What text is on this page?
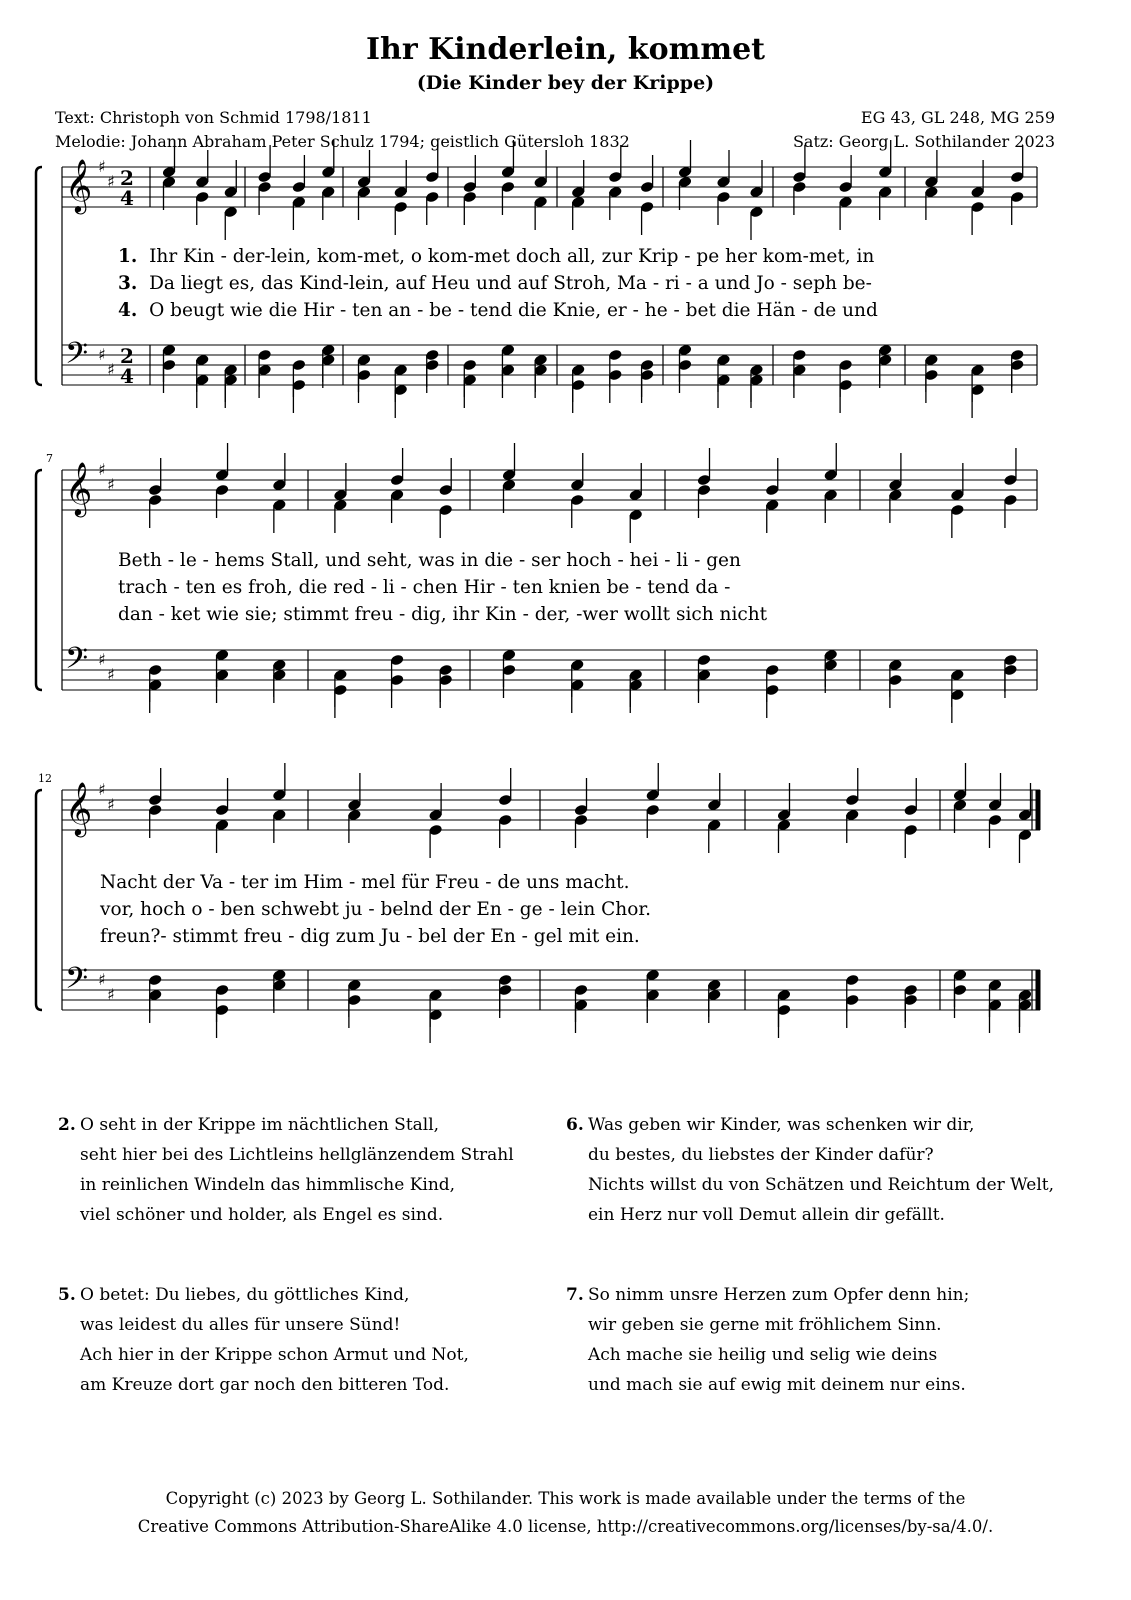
Ihr Kinderlein, kommet
(Die Kinder bey der Krippe)
Text: Christoph von Schmid 1798/1811	EG 43, GL 248, MG 259
Melodie: Johann Abraham Peter Schulz 1794; geistlich Gütersloh 1832	Satz: Georg L. Sothilander 2023
𝄞 ♯
♯ 2
4
𝄢 ♯
♯
2
4
𝄞 ♯
♯
𝄢 ♯
♯
𝄞 ♯
♯
𝄢 ♯
♯
7
12
1. Ihr Kin - der-lein, kom-met, o kom-met doch all, zur Krip - pe her kom-met, in
3. Da liegt es, das Kind-lein, auf Heu und auf Stroh, Ma - ri - a und Jo - seph be-
4. O beugt wie die Hir - ten an - be - tend die Knie, er - he - bet die Hän - de und
Beth - le - hems Stall, und seht, was in die - ser hoch - hei - li - gen
trach - ten es froh, die red - li - chen Hir - ten knien be - tend da -
dan - ket wie sie; stimmt freu - dig, ihr Kin - der, -wer wollt sich nicht
Nacht der Va - ter im Him - mel für Freu - de uns macht.
vor, hoch o - ben schwebt ju - belnd der En - ge - lein Chor.
freun?- stimmt freu - dig zum Ju - bel der En - gel mit ein.
2. O seht in der Krippe im nächtlichen Stall,
seht hier bei des Lichtleins hellglänzendem Strahl
in reinlichen Windeln das himmlische Kind,
viel schöner und holder, als Engel es sind.
6. Was geben wir Kinder, was schenken wir dir,
du bestes, du liebstes der Kinder dafür?
Nichts willst du von Schätzen und Reichtum der Welt,
ein Herz nur voll Demut allein dir gefällt.
5. O betet: Du liebes, du göttliches Kind,
was leidest du alles für unsere Sünd!
Ach hier in der Krippe schon Armut und Not,
am Kreuze dort gar noch den bitteren Tod.
7. So nimm unsre Herzen zum Opfer denn hin;
wir geben sie gerne mit fröhlichem Sinn.
Ach mache sie heilig und selig wie deins
und mach sie auf ewig mit deinem nur eins.
Copyright (c) 2023 by Georg L. Sothilander. This work is made available under the terms of the
Creative Commons Attribution-ShareAlike 4.0 license, http://creativecommons.org/licenses/by-sa/4.0/.
